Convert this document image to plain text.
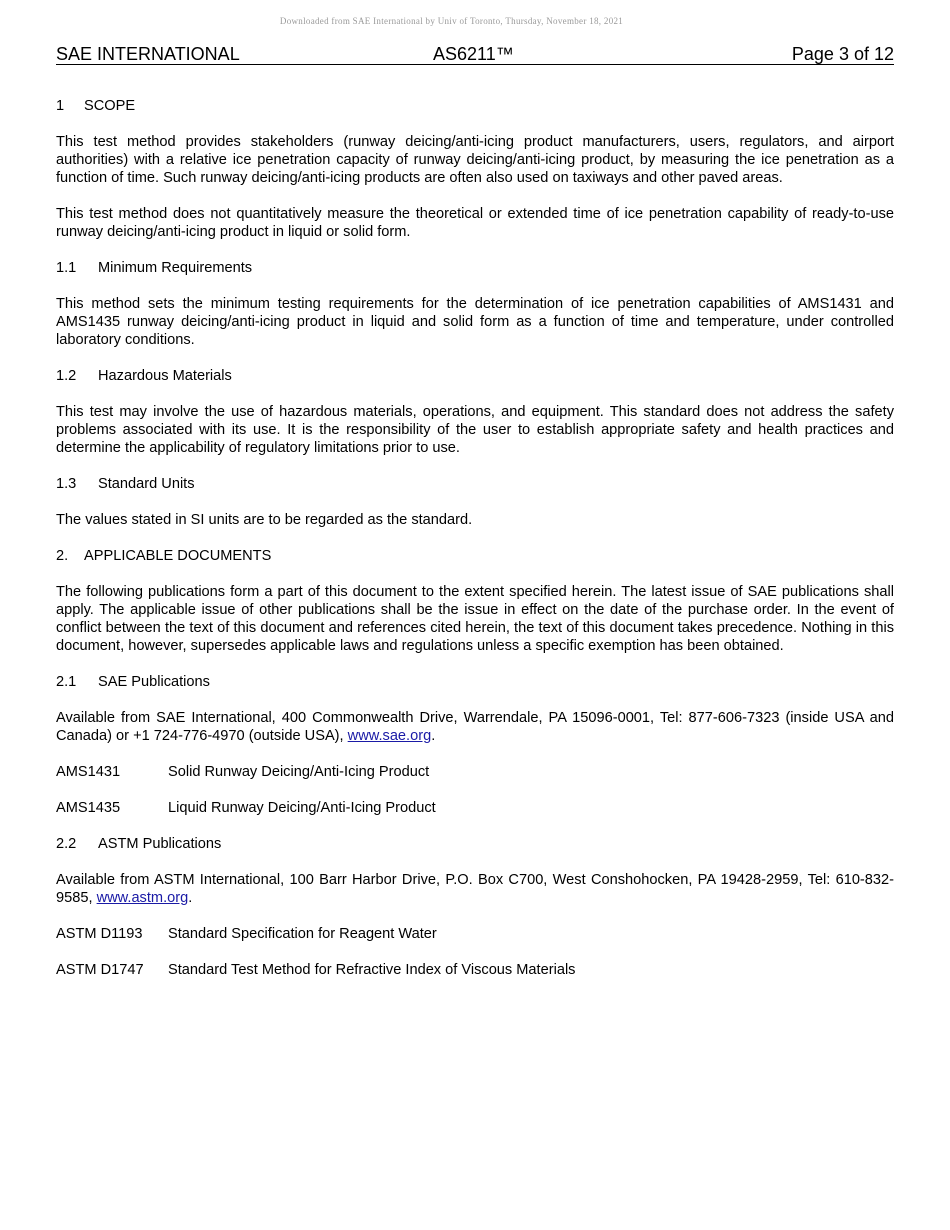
Downloaded from SAE International by Univ of Toronto, Thursday, November 18, 2021
SAE INTERNATIONAL	AS6211™	Page 3 of 12
1 SCOPE

This test method provides stakeholders (runway deicing/anti-icing product manufacturers, users, regulators, and airport authorities) with a relative ice penetration capacity of runway deicing/anti-icing product, by measuring the ice penetration as a function of time. Such runway deicing/anti-icing products are often also used on taxiways and other paved areas.

This test method does not quantitatively measure the theoretical or extended time of ice penetration capability of ready-to-use runway deicing/anti-icing product in liquid or solid form.

1.1 Minimum Requirements

This method sets the minimum testing requirements for the determination of ice penetration capabilities of AMS1431 and AMS1435 runway deicing/anti-icing product in liquid and solid form as a function of time and temperature, under controlled laboratory conditions.

1.2 Hazardous Materials

This test may involve the use of hazardous materials, operations, and equipment. This standard does not address the safety problems associated with its use. It is the responsibility of the user to establish appropriate safety and health practices and determine the applicability of regulatory limitations prior to use.

1.3 Standard Units

The values stated in SI units are to be regarded as the standard.

2. APPLICABLE DOCUMENTS

The following publications form a part of this document to the extent specified herein. The latest issue of SAE publications shall apply. The applicable issue of other publications shall be the issue in effect on the date of the purchase order. In the event of conflict between the text of this document and references cited herein, the text of this document takes precedence. Nothing in this document, however, supersedes applicable laws and regulations unless a specific exemption has been obtained.

2.1 SAE Publications

Available from SAE International, 400 Commonwealth Drive, Warrendale, PA 15096-0001, Tel: 877-606-7323 (inside USA and Canada) or +1 724-776-4970 (outside USA), www.sae.org.

AMS1431	Solid Runway Deicing/Anti-Icing Product
AMS1435	Liquid Runway Deicing/Anti-Icing Product
2.2 ASTM Publications

Available from ASTM International, 100 Barr Harbor Drive, P.O. Box C700, West Conshohocken, PA 19428-2959, Tel: 610-832-9585, www.astm.org.

ASTM D1193	Standard Specification for Reagent Water
ASTM D1747	Standard Test Method for Refractive Index of Viscous Materials
